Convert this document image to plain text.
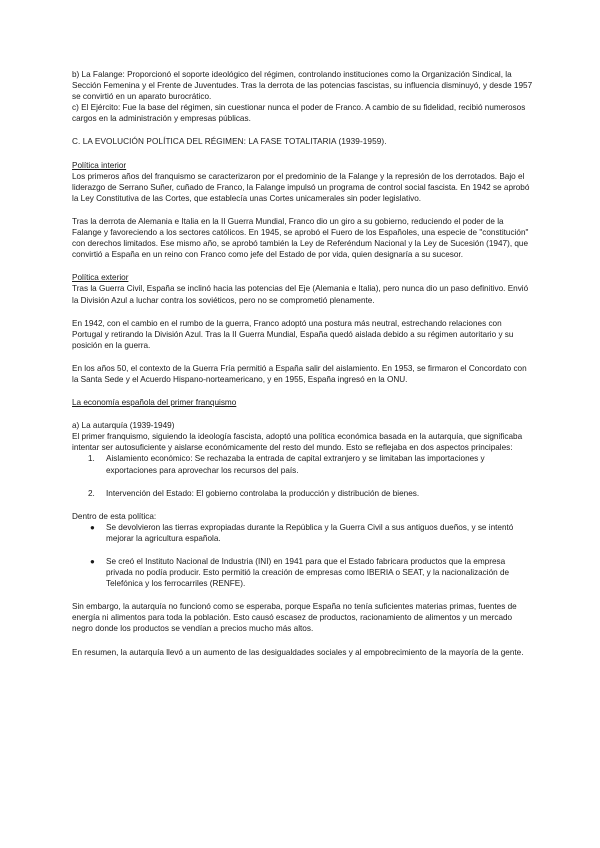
b) La Falange: Proporcionó el soporte ideológico del régimen, controlando instituciones como la Organización Sindical, la Sección Femenina y el Frente de Juventudes. Tras la derrota de las potencias fascistas, su influencia disminuyó, y desde 1957 se convirtió en un aparato burocrático.

c) El Ejército: Fue la base del régimen, sin cuestionar nunca el poder de Franco. A cambio de su fidelidad, recibió numerosos cargos en la administración y empresas públicas.

C. LA EVOLUCIÓN POLÍTICA DEL RÉGIMEN: LA FASE TOTALITARIA (1939-1959).

Política interior

Los primeros años del franquismo se caracterizaron por el predominio de la Falange y la represión de los derrotados. Bajo el liderazgo de Serrano Suñer, cuñado de Franco, la Falange impulsó un programa de control social fascista. En 1942 se aprobó la Ley Constitutiva de las Cortes, que establecía unas Cortes unicamerales sin poder legislativo.

Tras la derrota de Alemania e Italia en la II Guerra Mundial, Franco dio un giro a su gobierno, reduciendo el poder de la Falange y favoreciendo a los sectores católicos. En 1945, se aprobó el Fuero de los Españoles, una especie de "constitución" con derechos limitados. Ese mismo año, se aprobó también la Ley de Referéndum Nacional y la Ley de Sucesión (1947), que convirtió a España en un reino con Franco como jefe del Estado de por vida, quien designaría a su sucesor.

Política exterior

Tras la Guerra Civil, España se inclinó hacia las potencias del Eje (Alemania e Italia), pero nunca dio un paso definitivo. Envió la División Azul a luchar contra los soviéticos, pero no se comprometió plenamente.

En 1942, con el cambio en el rumbo de la guerra, Franco adoptó una postura más neutral, estrechando relaciones con Portugal y retirando la División Azul. Tras la II Guerra Mundial, España quedó aislada debido a su régimen autoritario y su posición en la guerra.

En los años 50, el contexto de la Guerra Fría permitió a España salir del aislamiento. En 1953, se firmaron el Concordato con la Santa Sede y el Acuerdo Hispano-norteamericano, y en 1955, España ingresó en la ONU.

La economía española del primer franquismo

a) La autarquía (1939-1949)

El primer franquismo, siguiendo la ideología fascista, adoptó una política económica basada en la autarquía, que significaba intentar ser autosuficiente y aislarse económicamente del resto del mundo. Esto se reflejaba en dos aspectos principales:

1. Aislamiento económico: Se rechazaba la entrada de capital extranjero y se limitaban las importaciones y exportaciones para aprovechar los recursos del país.
2. Intervención del Estado: El gobierno controlaba la producción y distribución de bienes.

Dentro de esta política:

● Se devolvieron las tierras expropiadas durante la República y la Guerra Civil a sus antiguos dueños, y se intentó mejorar la agricultura española.
● Se creó el Instituto Nacional de Industria (INI) en 1941 para que el Estado fabricara productos que la empresa privada no podía producir. Esto permitió la creación de empresas como IBERIA o SEAT, y la nacionalización de Telefónica y los ferrocarriles (RENFE).

Sin embargo, la autarquía no funcionó como se esperaba, porque España no tenía suficientes materias primas, fuentes de energía ni alimentos para toda la población. Esto causó escasez de productos, racionamiento de alimentos y un mercado negro donde los productos se vendían a precios mucho más altos.

En resumen, la autarquía llevó a un aumento de las desigualdades sociales y al empobrecimiento de la mayoría de la gente.
